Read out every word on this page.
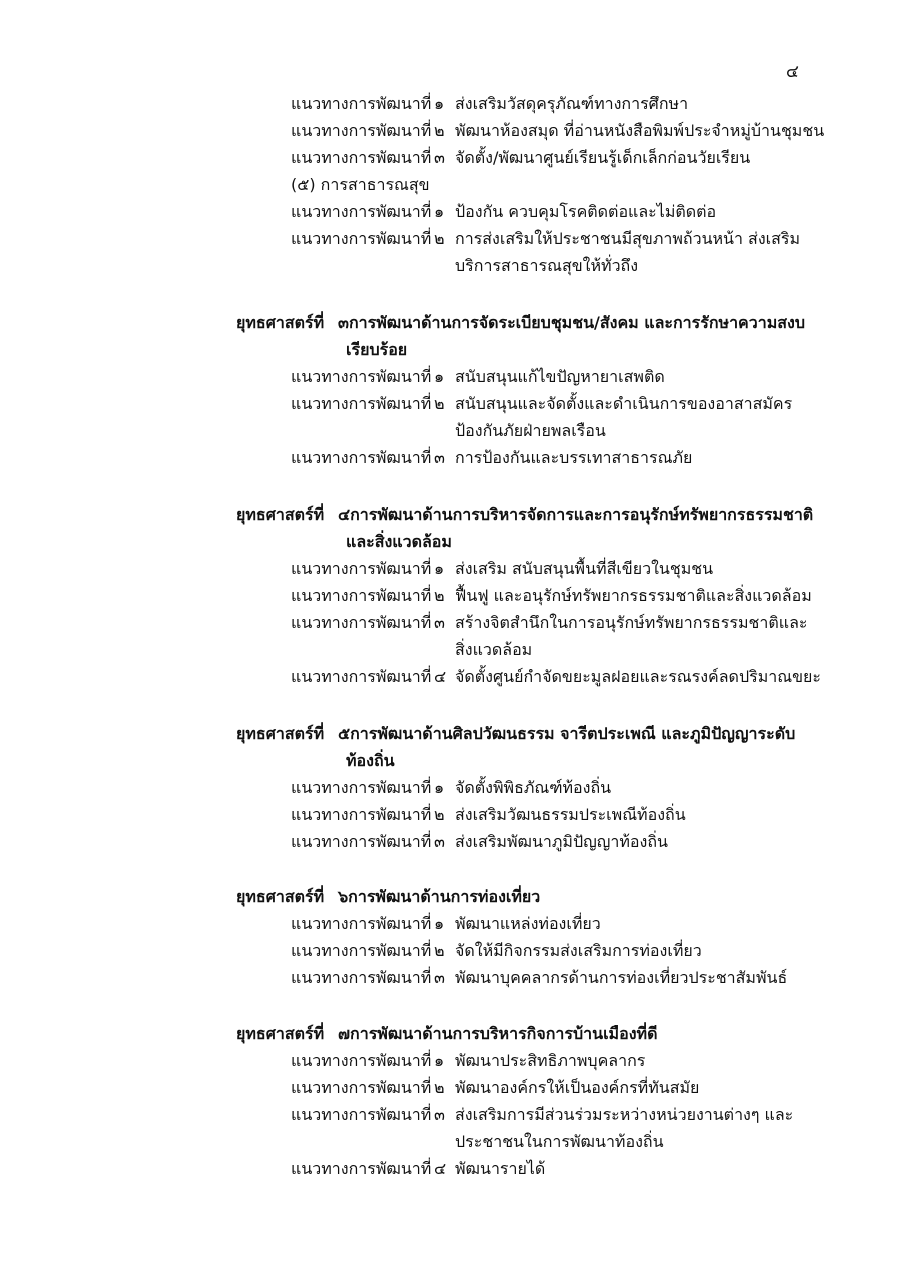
๔
แนวทางการพัฒนาที่ ๑ ส่งเสริมวัสดุครุภัณฑ์ทางการศึกษา
แนวทางการพัฒนาที่ ๒ พัฒนาห้องสมุด ที่อ่านหนังสือพิมพ์ประจำหมู่บ้านชุมชน
แนวทางการพัฒนาที่ ๓ จัดตั้ง/พัฒนาศูนย์เรียนรู้เด็กเล็กก่อนวัยเรียน
(๕) การสาธารณสุข
แนวทางการพัฒนาที่ ๑ ป้องกัน ควบคุมโรคติดต่อและไม่ติดต่อ
แนวทางการพัฒนาที่ ๒ การส่งเสริมให้ประชาชนมีสุขภาพถ้วนหน้า ส่งเสริม
บริการสาธารณสุขให้ทั่วถึง
ยุทธศาสตร์ที่ ๓การพัฒนาด้านการจัดระเบียบชุมชน/สังคม และการรักษาความสงบ
เรียบร้อย
แนวทางการพัฒนาที่ ๑ สนับสนุนแก้ไขปัญหายาเสพติด
แนวทางการพัฒนาที่ ๒ สนับสนุนและจัดตั้งและดำเนินการของอาสาสมัคร
ป้องกันภัยฝ่ายพลเรือน
แนวทางการพัฒนาที่ ๓ การป้องกันและบรรเทาสาธารณภัย
ยุทธศาสตร์ที่ ๔การพัฒนาด้านการบริหารจัดการและการอนุรักษ์ทรัพยากรธรรมชาติ
และสิ่งแวดล้อม
แนวทางการพัฒนาที่ ๑ ส่งเสริม สนับสนุนพื้นที่สีเขียวในชุมชน
แนวทางการพัฒนาที่ ๒ ฟื้นฟู และอนุรักษ์ทรัพยากรธรรมชาติและสิ่งแวดล้อม
แนวทางการพัฒนาที่ ๓ สร้างจิตสำนึกในการอนุรักษ์ทรัพยากรธรรมชาติและ
สิ่งแวดล้อม
แนวทางการพัฒนาที่ ๔ จัดตั้งศูนย์กำจัดขยะมูลฝอยและรณรงค์ลดปริมาณขยะ
ยุทธศาสตร์ที่ ๕การพัฒนาด้านศิลปวัฒนธรรม จารีตประเพณี และภูมิปัญญาระดับ
ท้องถิ่น
แนวทางการพัฒนาที่ ๑ จัดตั้งพิพิธภัณฑ์ท้องถิ่น
แนวทางการพัฒนาที่ ๒ ส่งเสริมวัฒนธรรมประเพณีท้องถิ่น
แนวทางการพัฒนาที่ ๓ ส่งเสริมพัฒนาภูมิปัญญาท้องถิ่น
ยุทธศาสตร์ที่ ๖การพัฒนาด้านการท่องเที่ยว
แนวทางการพัฒนาที่ ๑ พัฒนาแหล่งท่องเที่ยว
แนวทางการพัฒนาที่ ๒ จัดให้มีกิจกรรมส่งเสริมการท่องเที่ยว
แนวทางการพัฒนาที่ ๓ พัฒนาบุคคลากรด้านการท่องเที่ยวประชาสัมพันธ์
ยุทธศาสตร์ที่ ๗การพัฒนาด้านการบริหารกิจการบ้านเมืองที่ดี
แนวทางการพัฒนาที่ ๑ พัฒนาประสิทธิภาพบุคลากร
แนวทางการพัฒนาที่ ๒ พัฒนาองค์กรให้เป็นองค์กรที่ทันสมัย
แนวทางการพัฒนาที่ ๓ ส่งเสริมการมีส่วนร่วมระหว่างหน่วยงานต่างๆ และ
ประชาชนในการพัฒนาท้องถิ่น
แนวทางการพัฒนาที่ ๔ พัฒนารายได้
